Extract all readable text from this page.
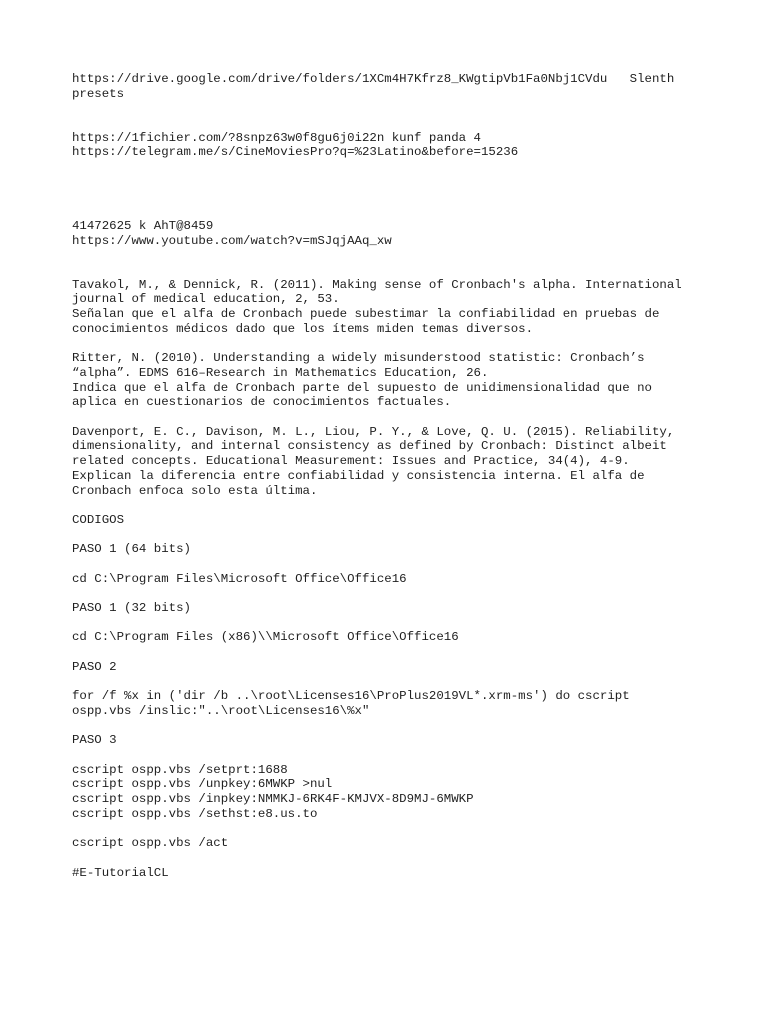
https://drive.google.com/drive/folders/1XCm4H7Kfrz8_KWgtipVb1Fa0Nbj1CVdu   Slenth
presets
https://1fichier.com/?8snpz63w0f8gu6j0i22n kunf panda 4
https://telegram.me/s/CineMoviesPro?q=%23Latino&before=15236
41472625 k AhT@8459
https://www.youtube.com/watch?v=mSJqjAAq_xw
Tavakol, M., & Dennick, R. (2011). Making sense of Cronbach's alpha. International
journal of medical education, 2, 53.
Señalan que el alfa de Cronbach puede subestimar la confiabilidad en pruebas de
conocimientos médicos dado que los ítems miden temas diversos.
Ritter, N. (2010). Understanding a widely misunderstood statistic: Cronbach’s
“alpha”. EDMS 616–Research in Mathematics Education, 26.
Indica que el alfa de Cronbach parte del supuesto de unidimensionalidad que no
aplica en cuestionarios de conocimientos factuales.
Davenport, E. C., Davison, M. L., Liou, P. Y., & Love, Q. U. (2015). Reliability,
dimensionality, and internal consistency as defined by Cronbach: Distinct albeit
related concepts. Educational Measurement: Issues and Practice, 34(4), 4-9.
Explican la diferencia entre confiabilidad y consistencia interna. El alfa de
Cronbach enfoca solo esta última.
CODIGOS
PASO 1 (64 bits)
cd C:\Program Files\Microsoft Office\Office16
PASO 1 (32 bits)
cd C:\Program Files (x86)\\Microsoft Office\Office16
PASO 2
for /f %x in ('dir /b ..\root\Licenses16\ProPlus2019VL*.xrm-ms') do cscript
ospp.vbs /inslic:"..\root\Licenses16\%x"
PASO 3
cscript ospp.vbs /setprt:1688
cscript ospp.vbs /unpkey:6MWKP >nul
cscript ospp.vbs /inpkey:NMMKJ-6RK4F-KMJVX-8D9MJ-6MWKP
cscript ospp.vbs /sethst:e8.us.to
cscript ospp.vbs /act
#E-TutorialCL
